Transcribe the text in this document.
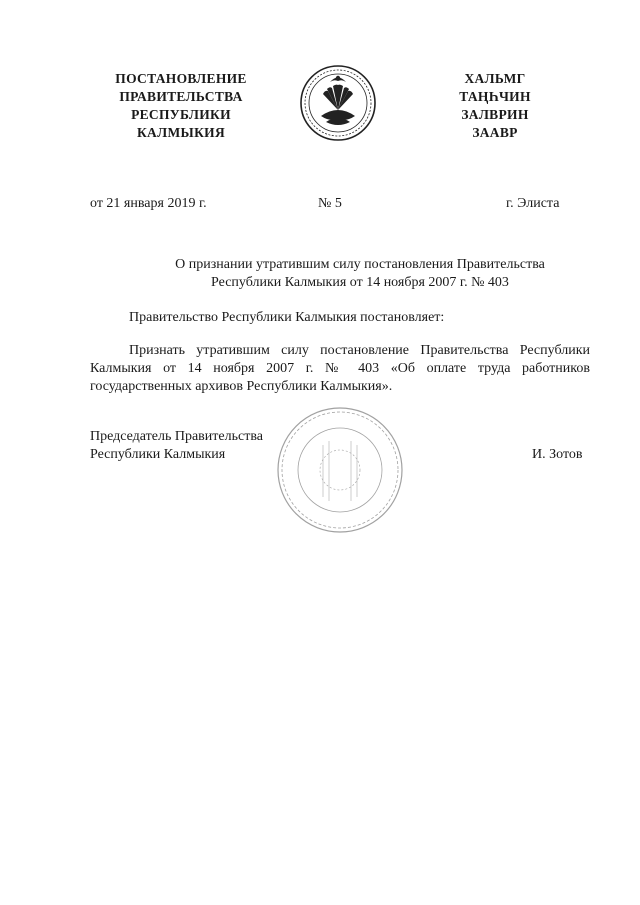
ПОСТАНОВЛЕНИЕ
ПРАВИТЕЛЬСТВА
РЕСПУБЛИКИ
КАЛМЫКИЯ
ХАЛЬМГ
ТАҢҺЧИН
ЗАЛВРИН
ЗААВР
от 21 января 2019 г.	№ 5	г. Элиста
О признании утратившим силу постановления Правительства
Республики Калмыкия от 14 ноября 2007 г. № 403
Правительство Республики Калмыкия постановляет:
Признать утратившим силу постановление Правительства Республики Калмыкия от 14 ноября 2007 г. № 403 «Об оплате труда работников государственных архивов Республики Калмыкия».
Председатель Правительства
Республики Калмыкия	И. Зотов
